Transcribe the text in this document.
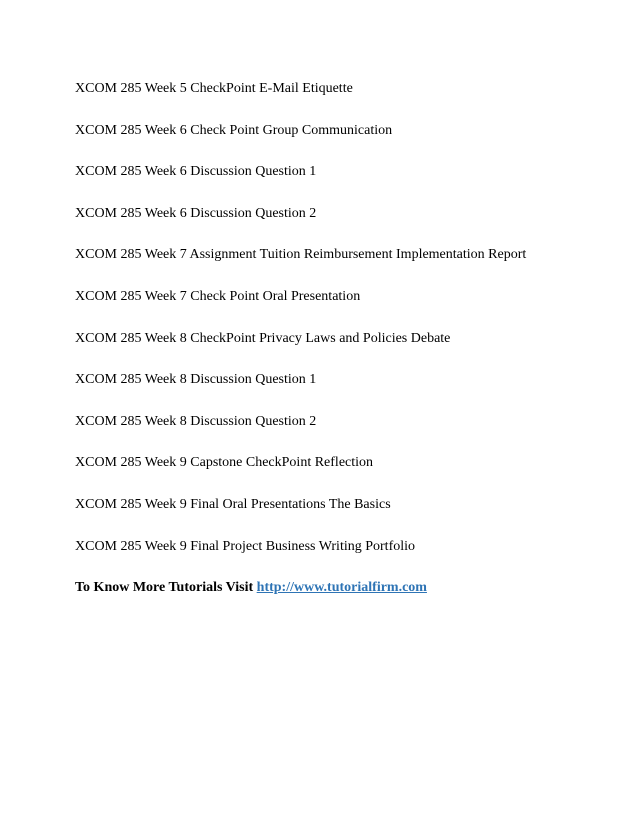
XCOM 285 Week 5 CheckPoint E-Mail Etiquette
XCOM 285 Week 6 Check Point Group Communication
XCOM 285 Week 6 Discussion Question 1
XCOM 285 Week 6 Discussion Question 2
XCOM 285 Week 7 Assignment Tuition Reimbursement Implementation Report
XCOM 285 Week 7 Check Point Oral Presentation
XCOM 285 Week 8 CheckPoint Privacy Laws and Policies Debate
XCOM 285 Week 8 Discussion Question 1
XCOM 285 Week 8 Discussion Question 2
XCOM 285 Week 9 Capstone CheckPoint Reflection
XCOM 285 Week 9 Final Oral Presentations The Basics
XCOM 285 Week 9 Final Project Business Writing Portfolio
To Know More Tutorials Visit http://www.tutorialfirm.com
